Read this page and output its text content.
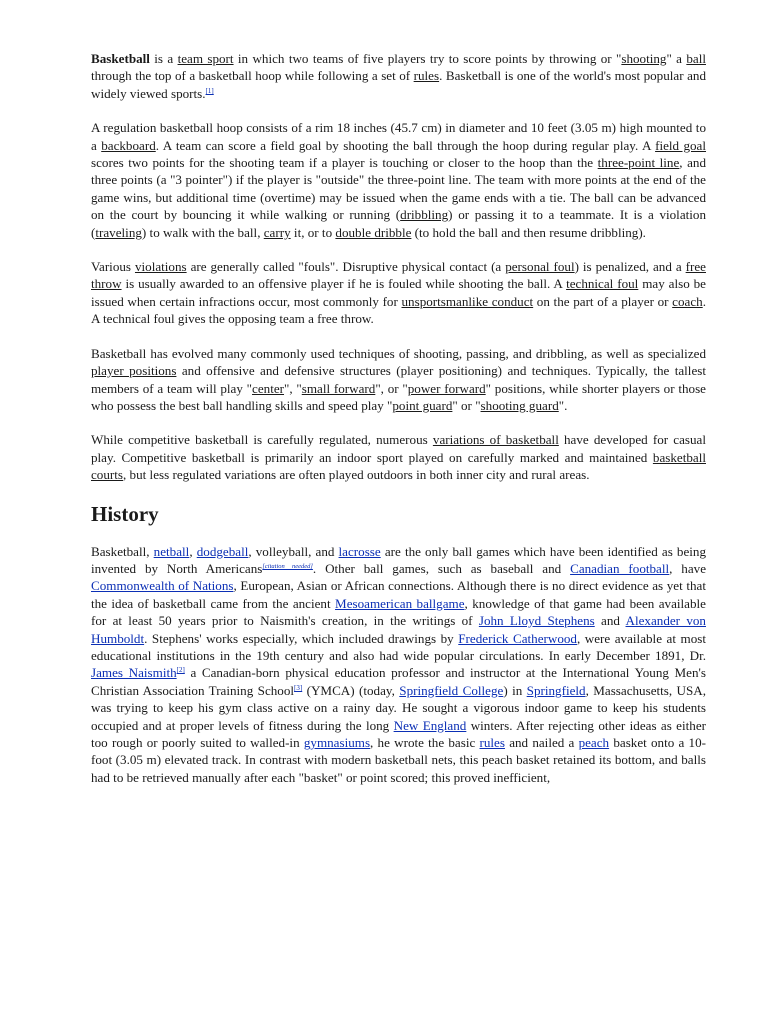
Basketball is a team sport in which two teams of five players try to score points by throwing or "shooting" a ball through the top of a basketball hoop while following a set of rules. Basketball is one of the world's most popular and widely viewed sports.[1]

A regulation basketball hoop consists of a rim 18 inches (45.7 cm) in diameter and 10 feet (3.05 m) high mounted to a backboard. A team can score a field goal by shooting the ball through the hoop during regular play. A field goal scores two points for the shooting team if a player is touching or closer to the hoop than the three-point line, and three points (a "3 pointer") if the player is "outside" the three-point line. The team with more points at the end of the game wins, but additional time (overtime) may be issued when the game ends with a tie. The ball can be advanced on the court by bouncing it while walking or running (dribbling) or passing it to a teammate. It is a violation (traveling) to walk with the ball, carry it, or to double dribble (to hold the ball and then resume dribbling).

Various violations are generally called "fouls". Disruptive physical contact (a personal foul) is penalized, and a free throw is usually awarded to an offensive player if he is fouled while shooting the ball. A technical foul may also be issued when certain infractions occur, most commonly for unsportsmanlike conduct on the part of a player or coach. A technical foul gives the opposing team a free throw.

Basketball has evolved many commonly used techniques of shooting, passing, and dribbling, as well as specialized player positions and offensive and defensive structures (player positioning) and techniques. Typically, the tallest members of a team will play "center", "small forward", or "power forward" positions, while shorter players or those who possess the best ball handling skills and speed play "point guard" or "shooting guard".

While competitive basketball is carefully regulated, numerous variations of basketball have developed for casual play. Competitive basketball is primarily an indoor sport played on carefully marked and maintained basketball courts, but less regulated variations are often played outdoors in both inner city and rural areas.

History

Basketball, netball, dodgeball, volleyball, and lacrosse are the only ball games which have been identified as being invented by North Americans[citation needed]. Other ball games, such as baseball and Canadian football, have Commonwealth of Nations, European, Asian or African connections. Although there is no direct evidence as yet that the idea of basketball came from the ancient Mesoamerican ballgame, knowledge of that game had been available for at least 50 years prior to Naismith's creation, in the writings of John Lloyd Stephens and Alexander von Humboldt. Stephens' works especially, which included drawings by Frederick Catherwood, were available at most educational institutions in the 19th century and also had wide popular circulations. In early December 1891, Dr. James Naismith[2] a Canadian-born physical education professor and instructor at the International Young Men's Christian Association Training School[3] (YMCA) (today, Springfield College) in Springfield, Massachusetts, USA, was trying to keep his gym class active on a rainy day. He sought a vigorous indoor game to keep his students occupied and at proper levels of fitness during the long New England winters. After rejecting other ideas as either too rough or poorly suited to walled-in gymnasiums, he wrote the basic rules and nailed a peach basket onto a 10-foot (3.05 m) elevated track. In contrast with modern basketball nets, this peach basket retained its bottom, and balls had to be retrieved manually after each "basket" or point scored; this proved inefficient,
